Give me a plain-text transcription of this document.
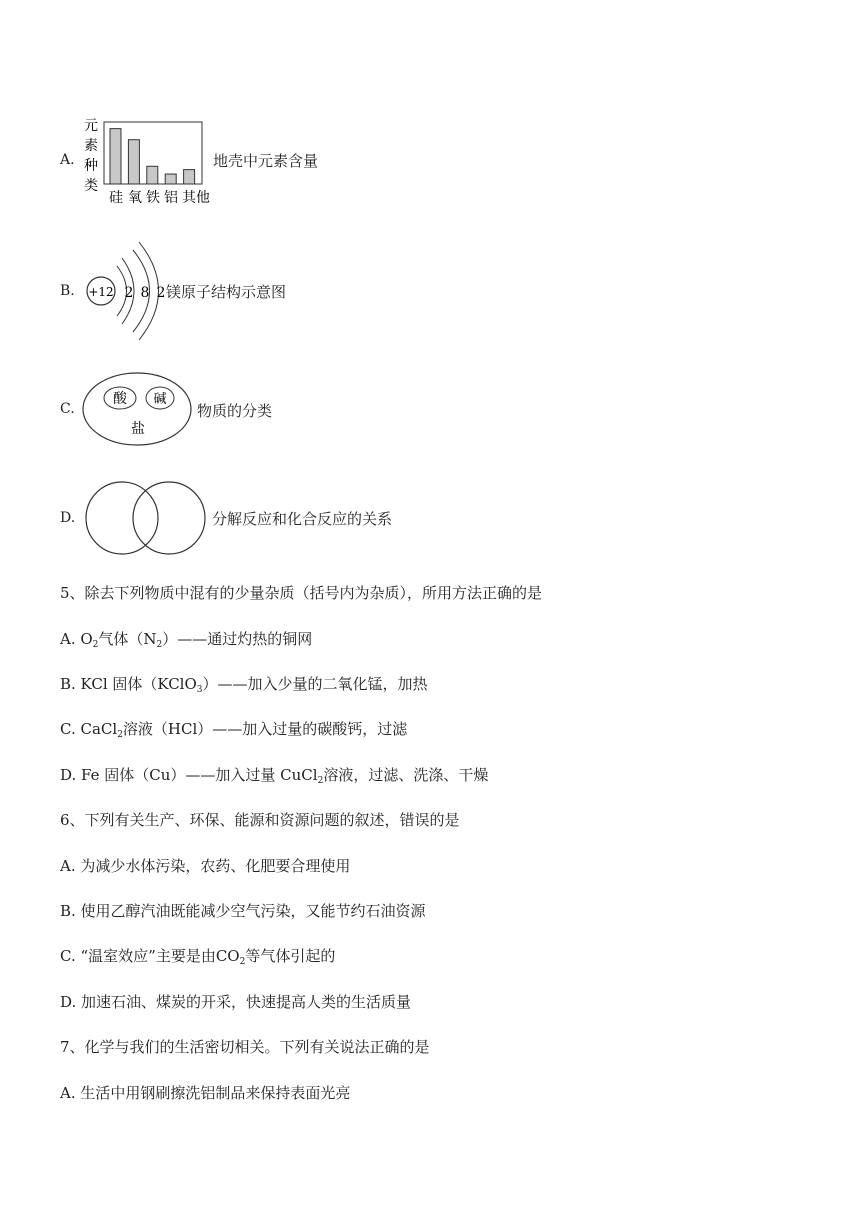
A.
元
素
种
类
硅 氧 铁 铝 其他
地壳中元素含量
B. +12 2 8 2 镁原子结构示意图
C.
酸 碱
盐
物质的分类
D.	分解反应和化合反应的关系
5、除去下列物质中混有的少量杂质（括号内为杂质），所用方法正确的是
A. $O_2$气体$(N_2)——$通过灼热的铜网
B. KCl 固体（KClO$_3$）——加入少量的二氧化锰，加热
C. CaCl$_2$溶液（HCl）——加入过量的碳酸钙，过滤
D. Fe 固体（Cu）——加入过量 CuCl$_2$溶液，过滤、洗涤、干燥
6、下列有关生产、环保、能源和资源问题的叙述，错误的是
A. 为减少水体污染，农药、化肥要合理使用
B. 使用乙醇汽油既能减少空气污染，又能节约石油资源
C. “温室效应”主要是由$CO_2$等气体引起的
D. 加速石油、煤炭的开采，快速提高人类的生活质量
7、化学与我们的生活密切相关。下列有关说法正确的是
A. 生活中用钢刷擦洗铝制品来保持表面光亮
